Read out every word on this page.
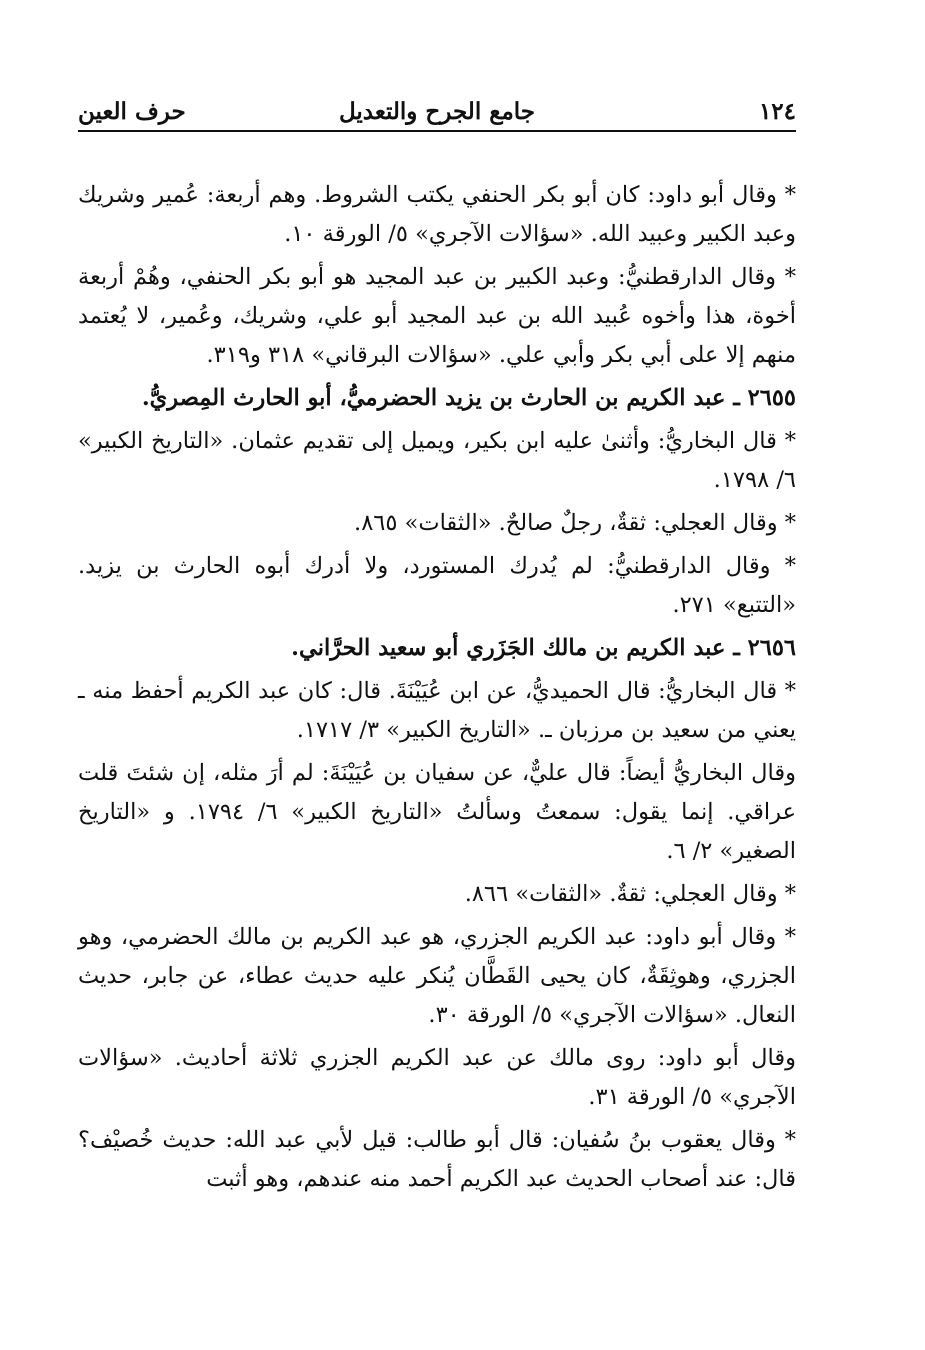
١٢٤
جامع الجرح والتعديل
حرف العين

* وقال أبو داود: كان أبو بكر الحنفي يكتب الشروط. وهم أربعة: عُمير وشريك وعبد الكبير وعبيد الله. «سؤالات الآجري» ٥/ الورقة ١٠.

* وقال الدارقطنيُّ: وعبد الكبير بن عبد المجيد هو أبو بكر الحنفي، وهُمْ أربعة أخوة، هذا وأخوه عُبيد الله بن عبد المجيد أبو علي، وشريك، وعُمير، لا يُعتمد منهم إلا على أبي بكر وأبي علي. «سؤالات البرقاني» ٣١٨ و٣١٩.

٢٦٥٥ ـ عبد الكريم بن الحارث بن يزيد الحضرميُّ، أبو الحارث المِصريُّ.

* قال البخاريُّ: وأثنىٰ عليه ابن بكير، ويميل إلى تقديم عثمان. «التاريخ الكبير» ٦/ ١٧٩٨.

* وقال العجلي: ثقةٌ، رجلٌ صالحٌ. «الثقات» ٨٦٥.

* وقال الدارقطنيُّ: لم يُدرك المستورد، ولا أدرك أبوه الحارث بن يزيد. «التتبع» ٢٧١.

٢٦٥٦ ـ عبد الكريم بن مالك الجَزَري أبو سعيد الحرَّاني.

* قال البخاريُّ: قال الحميديُّ، عن ابن عُيَيْنَةَ. قال: كان عبد الكريم أحفظ منه ـ يعني من سعيد بن مرزبان ـ. «التاريخ الكبير» ٣/ ١٧١٧.

وقال البخاريُّ أيضاً: قال عليٌّ، عن سفيان بن عُيَيْنَةَ: لم أرَ مثله، إن شئتَ قلت عراقي. إنما يقول: سمعتُ وسألتُ «التاريخ الكبير» ٦/ ١٧٩٤. و «التاريخ الصغير» ٢/ ٦.

* وقال العجلي: ثقةٌ. «الثقات» ٨٦٦.

* وقال أبو داود: عبد الكريم الجزري، هو عبد الكريم بن مالك الحضرمي، وهو الجزري، وهوثِقَةٌ، كان يحيى القَطَّان يُنكر عليه حديث عطاء، عن جابر، حديث النعال. «سؤالات الآجري» ٥/ الورقة ٣٠.

وقال أبو داود: روى مالك عن عبد الكريم الجزري ثلاثة أحاديث. «سؤالات الآجري» ٥/ الورقة ٣١.

* وقال يعقوب بنُ سُفيان: قال أبو طالب: قيل لأبي عبد الله: حديث خُصيْف؟ قال: عند أصحاب الحديث عبد الكريم أحمد منه عندهم، وهو أثبت
